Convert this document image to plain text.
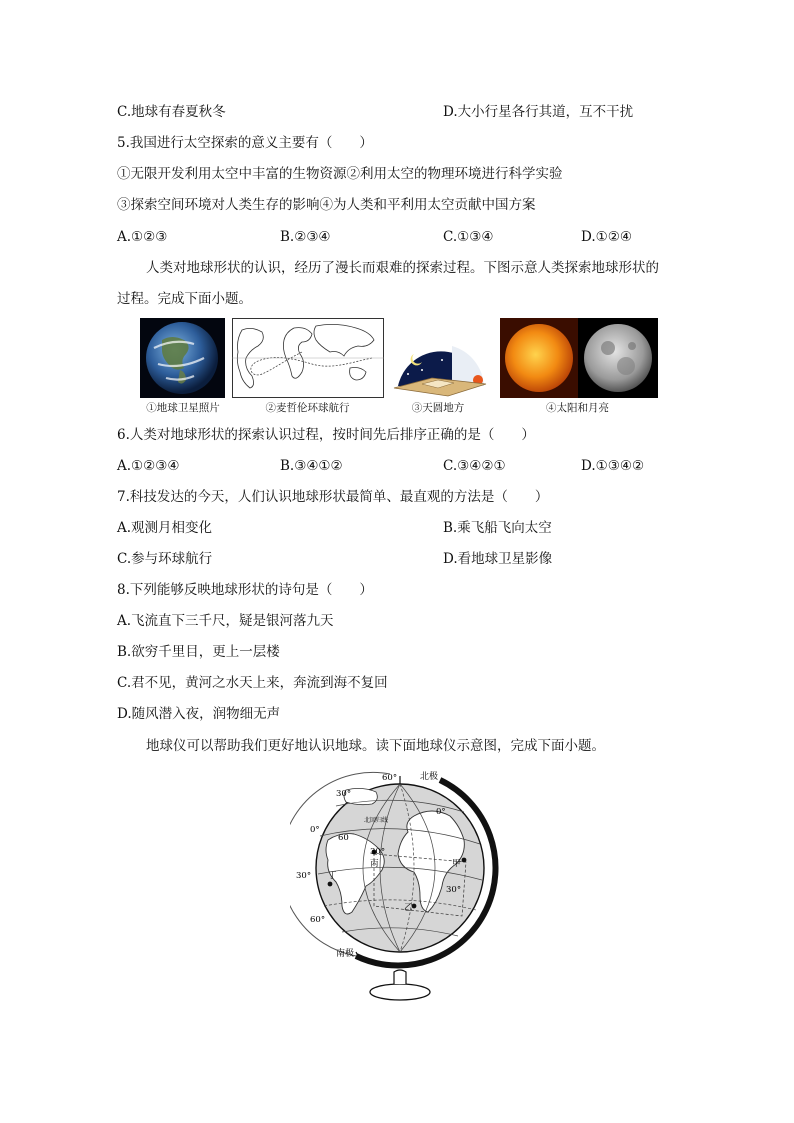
C.地球有春夏秋冬	D.大小行星各行其道，互不干扰
5.我国进行太空探索的意义主要有（　　）
①无限开发利用太空中丰富的生物资源②利用太空的物理环境进行科学实验
③探索空间环境对人类生存的影响④为人类和平利用太空贡献中国方案
A.①②③	B.②③④	C.①③④	D.①②④
人类对地球形状的认识，经历了漫长而艰难的探索过程。下图示意人类探索地球形状的
过程。完成下面小题。
①地球卫星照片	②麦哲伦环球航行	③天圆地方	④太阳和月亮
6.人类对地球形状的探索认识过程，按时间先后排序正确的是（　　）
A.①②③④	B.③④①②	C.③④②①	D.①③④②
7.科技发达的今天，人们认识地球形状最简单、最直观的方法是（　　）
A.观测月相变化	B.乘飞船飞向太空
C.参与环球航行	D.看地球卫星影像
8.下列能够反映地球形状的诗句是（　　）
A.飞流直下三千尺，疑是银河落九天
B.欲穷千里目，更上一层楼
C.君不见，黄河之水天上来，奔流到海不复回
D.随风潜入夜，润物细无声
地球仪可以帮助我们更好地认识地球。读下面地球仪示意图，完成下面小题。
北极
南极
60°
30°
0°
60
30°
30°
60°
30°
0°
北回归线
甲
乙
丙
丁
